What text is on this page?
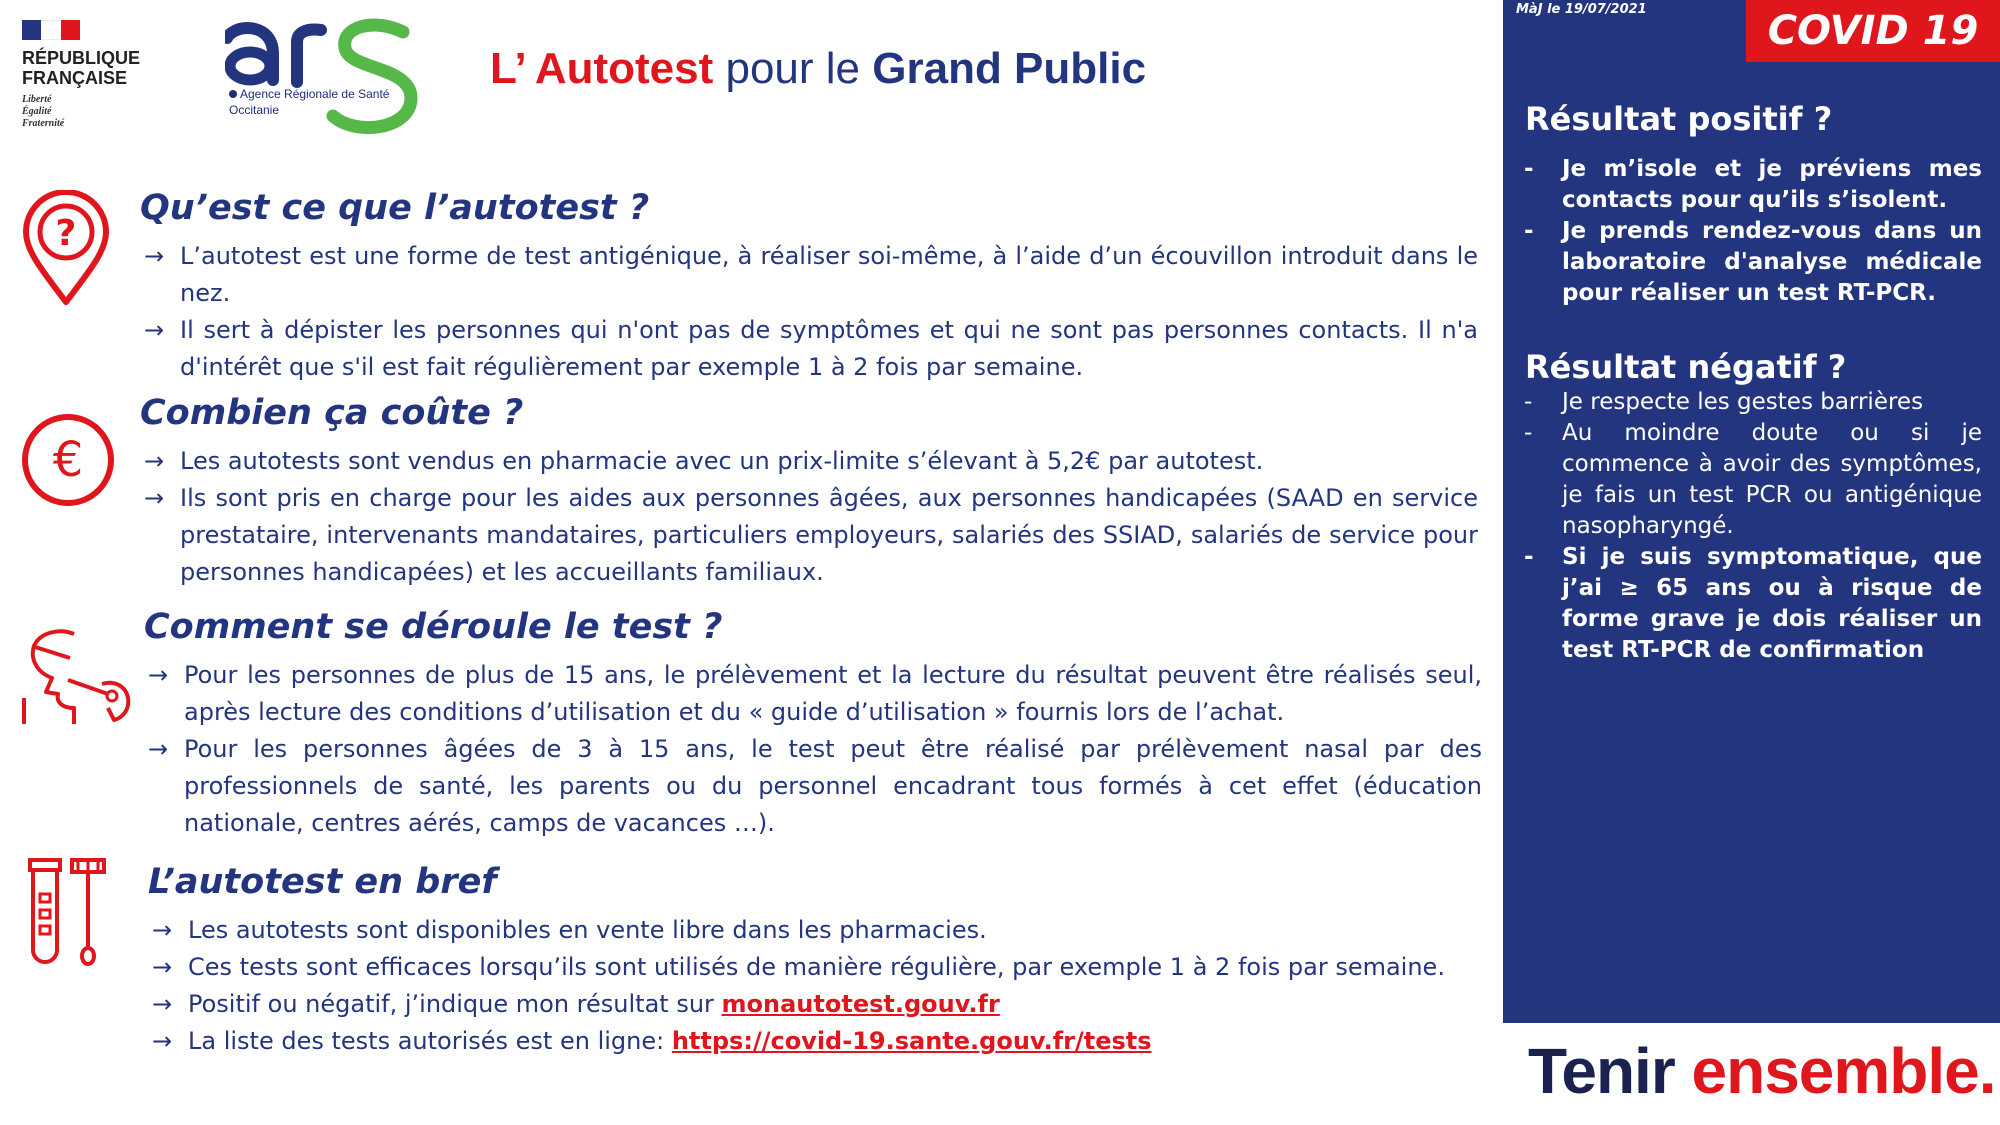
RÉPUBLIQUE
FRANÇAISE
Liberté
Égalité
Fraternité
Agence Régionale de Santé
Occitanie
L’ Autotest pour le Grand Public
?
Qu’est ce que l’autotest ?
→ L’autotest est une forme de test antigénique, à réaliser soi-même, à l’aide d’un écouvillon introduit dans le nez.
→ Il sert à dépister les personnes qui n'ont pas de symptômes et qui ne sont pas personnes contacts. Il n'a d'intérêt que s'il est fait régulièrement par exemple 1 à 2 fois par semaine.
€
Combien ça coûte ?
→ Les autotests sont vendus en pharmacie avec un prix-limite s’élevant à 5,2€ par autotest.
→ Ils sont pris en charge pour les aides aux personnes âgées, aux personnes handicapées (SAAD en service prestataire, intervenants mandataires, particuliers employeurs, salariés des SSIAD, salariés de service pour personnes handicapées) et les accueillants familiaux.
Comment se déroule le test ?
→ Pour les personnes de plus de 15 ans, le prélèvement et la lecture du résultat peuvent être réalisés seul, après lecture des conditions d’utilisation et du « guide d’utilisation » fournis lors de l’achat.
→ Pour les personnes âgées de 3 à 15 ans, le test peut être réalisé par prélèvement nasal par des professionnels de santé, les parents ou du personnel encadrant tous formés à cet effet (éducation nationale, centres aérés, camps de vacances …).
L’autotest en bref
→ Les autotests sont disponibles en vente libre dans les pharmacies.
→ Ces tests sont efficaces lorsqu’ils sont utilisés de manière régulière, par exemple 1 à 2 fois par semaine.
→ Positif ou négatif, j’indique mon résultat sur monautotest.gouv.fr
→ La liste des tests autorisés est en ligne: https://covid-19.sante.gouv.fr/tests
MàJ le 19/07/2021	COVID 19
Résultat positif ?
- Je m’isole et je préviens mes contacts pour qu’ils s’isolent.
- Je prends rendez-vous dans un laboratoire d'analyse médicale pour réaliser un test RT-PCR.
Résultat négatif ?
- Je respecte les gestes barrières
- Au moindre doute ou si je commence à avoir des symptômes, je fais un test PCR ou antigénique nasopharyngé.
- Si je suis symptomatique, que j’ai ≥ 65 ans ou à risque de forme grave je dois réaliser un test RT-PCR de confirmation
Tenir ensemble.
